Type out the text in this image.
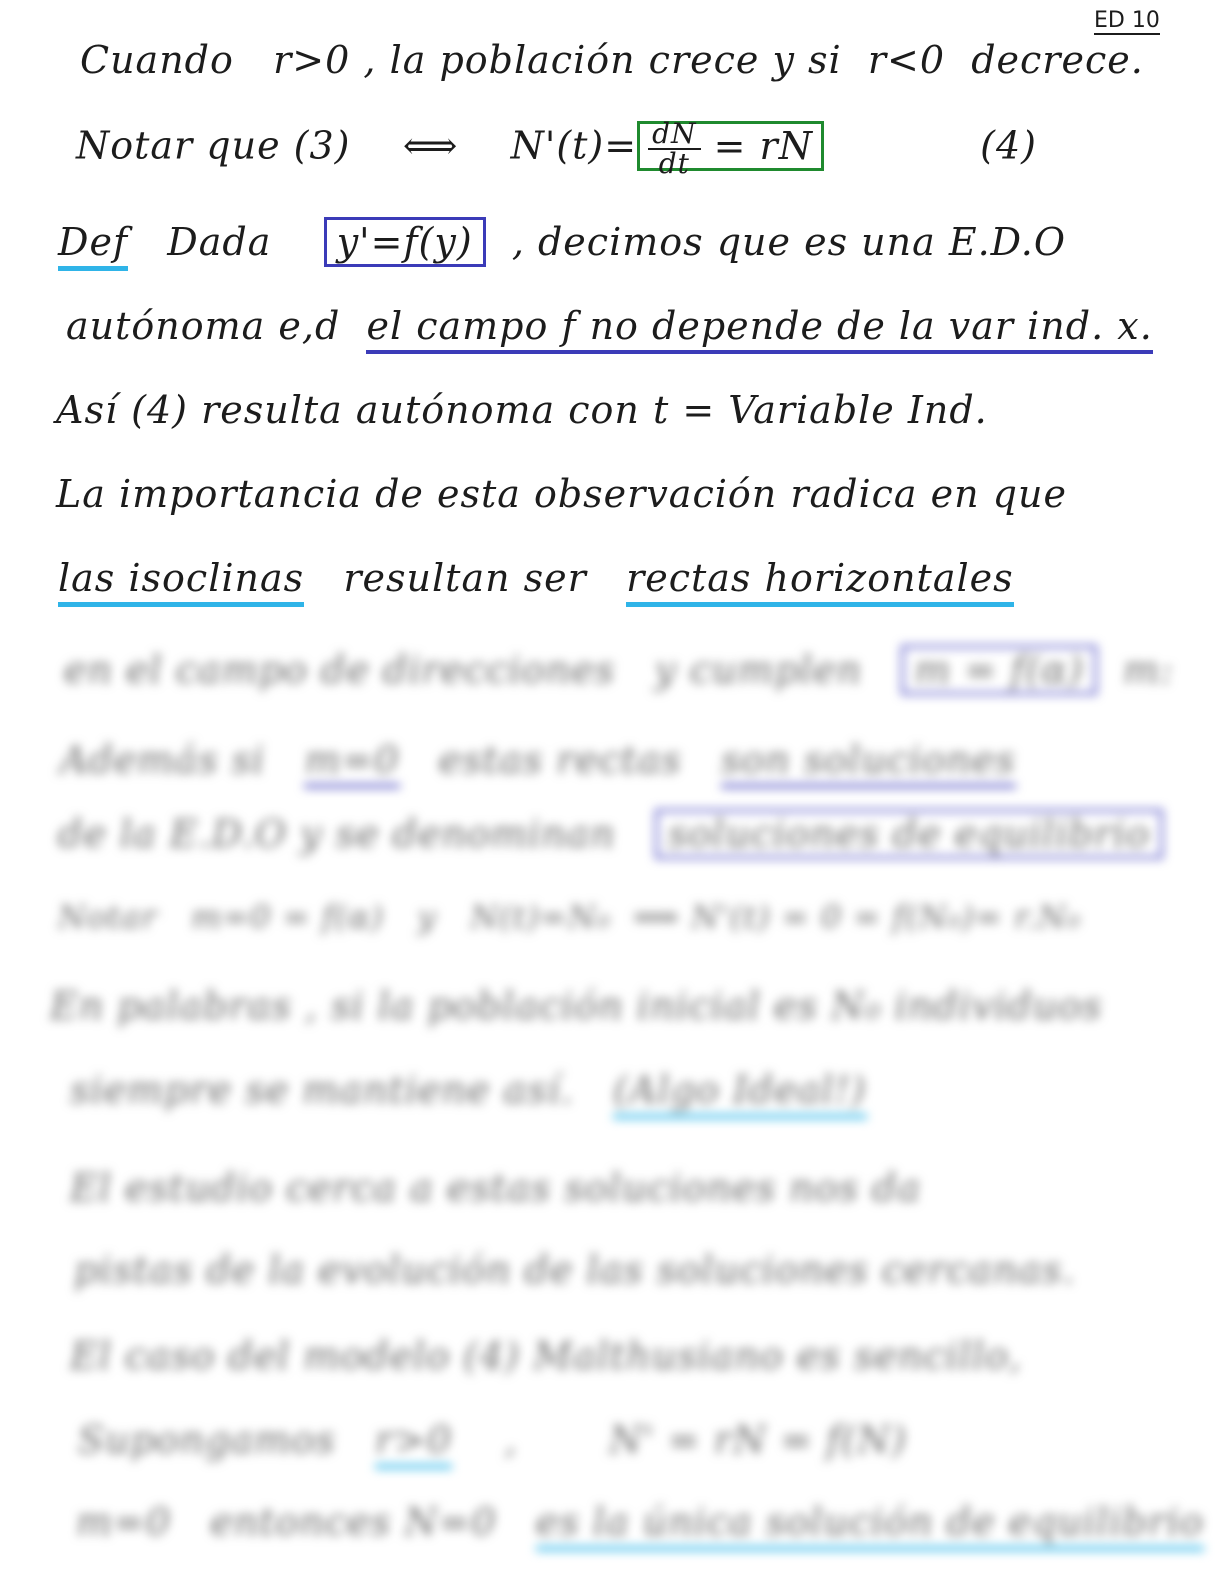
ED 10
Cuando r>0 , la población crece y si r<0 decrece.
Notar que (3) ⟺ $N'(t)= \frac{dN}{dt}$ = rN	(4)
Def Dada y'=f(y) , decimos que es una E.D.O
autónoma e,d el campo f no depende de la var ind. x.
Así (4) resulta autónoma con t = Variable Ind.
La importancia de esta observación radica en que
las isoclinas resultan ser rectas horizontales
en el campo de direcciones y cumplen m = f(α) m:
Además si m=0 estas rectas son soluciones
de la E.D.O y se denominan soluciones de equilibrio
Notar m=0 = f(α) y N(t)=N₀ ⟹ N'(t) = 0 = f(N₀)= r.N₀
En palabras , si la población inicial es N₀ individuos
siempre se mantiene así. (Algo Ideal!)
El estudio cerca a estas soluciones nos da
pistas de la evolución de las soluciones cercanas.
El caso del modelo (4) Malthusiano es sencillo,
Supongamos r>0 , N' = rN = f(N)
m=0 entonces N=0 es la única solución de equilibrio
